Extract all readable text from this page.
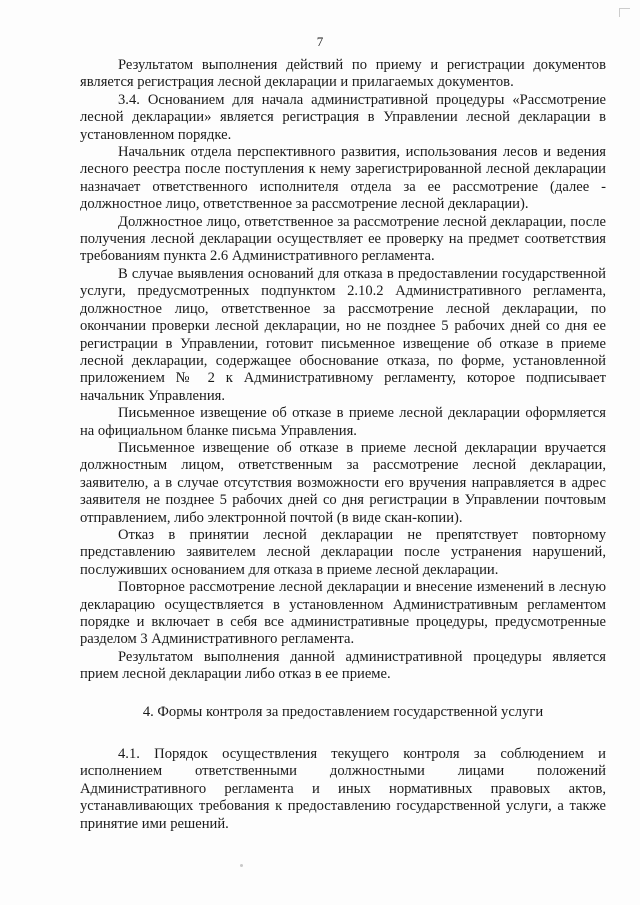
7

Результатом выполнения действий по приему и регистрации документов является регистрация лесной декларации и прилагаемых документов.

3.4. Основанием для начала административной процедуры «Рассмотрение лесной декларации» является регистрация в Управлении лесной декларации в установленном порядке.

Начальник отдела перспективного развития, использования лесов и ведения лесного реестра после поступления к нему зарегистрированной лесной декларации назначает ответственного исполнителя отдела за ее рассмотрение (далее - должностное лицо, ответственное за рассмотрение лесной декларации).

Должностное лицо, ответственное за рассмотрение лесной декларации, после получения лесной декларации осуществляет ее проверку на предмет соответствия требованиям пункта 2.6 Административного регламента.

В случае выявления оснований для отказа в предоставлении государственной услуги, предусмотренных подпунктом 2.10.2 Административного регламента, должностное лицо, ответственное за рассмотрение лесной декларации, по окончании проверки лесной декларации, но не позднее 5 рабочих дней со дня ее регистрации в Управлении, готовит письменное извещение об отказе в приеме лесной декларации, содержащее обоснование отказа, по форме, установленной приложением № 2 к Административному регламенту, которое подписывает начальник Управления.

Письменное извещение об отказе в приеме лесной декларации оформляется на официальном бланке письма Управления.

Письменное извещение об отказе в приеме лесной декларации вручается должностным лицом, ответственным за рассмотрение лесной декларации, заявителю, а в случае отсутствия возможности его вручения направляется в адрес заявителя не позднее 5 рабочих дней со дня регистрации в Управлении почтовым отправлением, либо электронной почтой (в виде скан-копии).

Отказ в принятии лесной декларации не препятствует повторному представлению заявителем лесной декларации после устранения нарушений, послуживших основанием для отказа в приеме лесной декларации.

Повторное рассмотрение лесной декларации и внесение изменений в лесную декларацию осуществляется в установленном Административным регламентом порядке и включает в себя все административные процедуры, предусмотренные разделом 3 Административного регламента.

Результатом выполнения данной административной процедуры является прием лесной декларации либо отказ в ее приеме.

4. Формы контроля за предоставлением государственной услуги

4.1. Порядок осуществления текущего контроля за соблюдением и исполнением ответственными должностными лицами положений Административного регламента и иных нормативных правовых актов, устанавливающих требования к предоставлению государственной услуги, а также принятие ими решений.
